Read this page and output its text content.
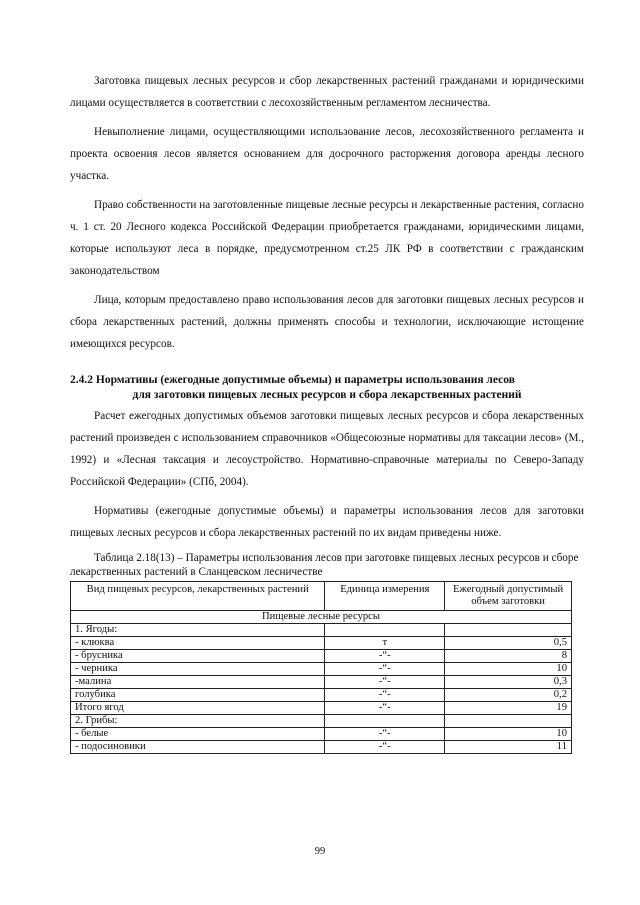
Заготовка пищевых лесных ресурсов и сбор лекарственных растений гражданами и юридическими лицами осуществляется в соответствии с лесохозяйственным регламентом лесничества.

Невыполнение лицами, осуществляющими использование лесов, лесохозяйственного регламента и проекта освоения лесов является основанием для досрочного расторжения договора аренды лесного участка.

Право собственности на заготовленные пищевые лесные ресурсы и лекарственные растения, согласно ч. 1 ст. 20 Лесного кодекса Российской Федерации приобретается гражданами, юридическими лицами, которые используют леса в порядке, предусмотренном ст.25 ЛК РФ в соответствии с гражданским законодательством

Лица, которым предоставлено право использования лесов для заготовки пищевых лесных ресурсов и сбора лекарственных растений, должны применять способы и технологии, исключающие истощение имеющихся ресурсов.

2.4.2 Нормативы (ежегодные допустимые объемы) и параметры использования лесов
для заготовки пищевых лесных ресурсов и сбора лекарственных растений

Расчет ежегодных допустимых объемов заготовки пищевых лесных ресурсов и сбора лекарственных растений произведен с использованием справочников «Общесоюзные нормативы для таксации лесов» (М., 1992) и «Лесная таксация и лесоустройство. Нормативно-справочные материалы по Северо-Западу Российской Федерации» (СПб, 2004).

Нормативы (ежегодные допустимые объемы) и параметры использования лесов для заготовки пищевых лесных ресурсов и сбора лекарственных растений по их видам приведены ниже.

Таблица 2.18(13) – Параметры использования лесов при заготовке пищевых лесных ресурсов и сборе лекарственных растений в Сланцевском лесничестве

Вид пищевых ресурсов, лекарственных растений	Единица измерения	Ежегодный допустимый объем заготовки
Пищевые лесные ресурсы		
1. Ягоды:		
- клюква	т	0,5
- брусника	-“-	8
- черника	-“-	10
-малина	-“-	0,3
голубика	-“-	0,2
Итого ягод	-“-	19
2. Грибы:		
- белые	-“-	10
- подосиновики	-“-	11
99
